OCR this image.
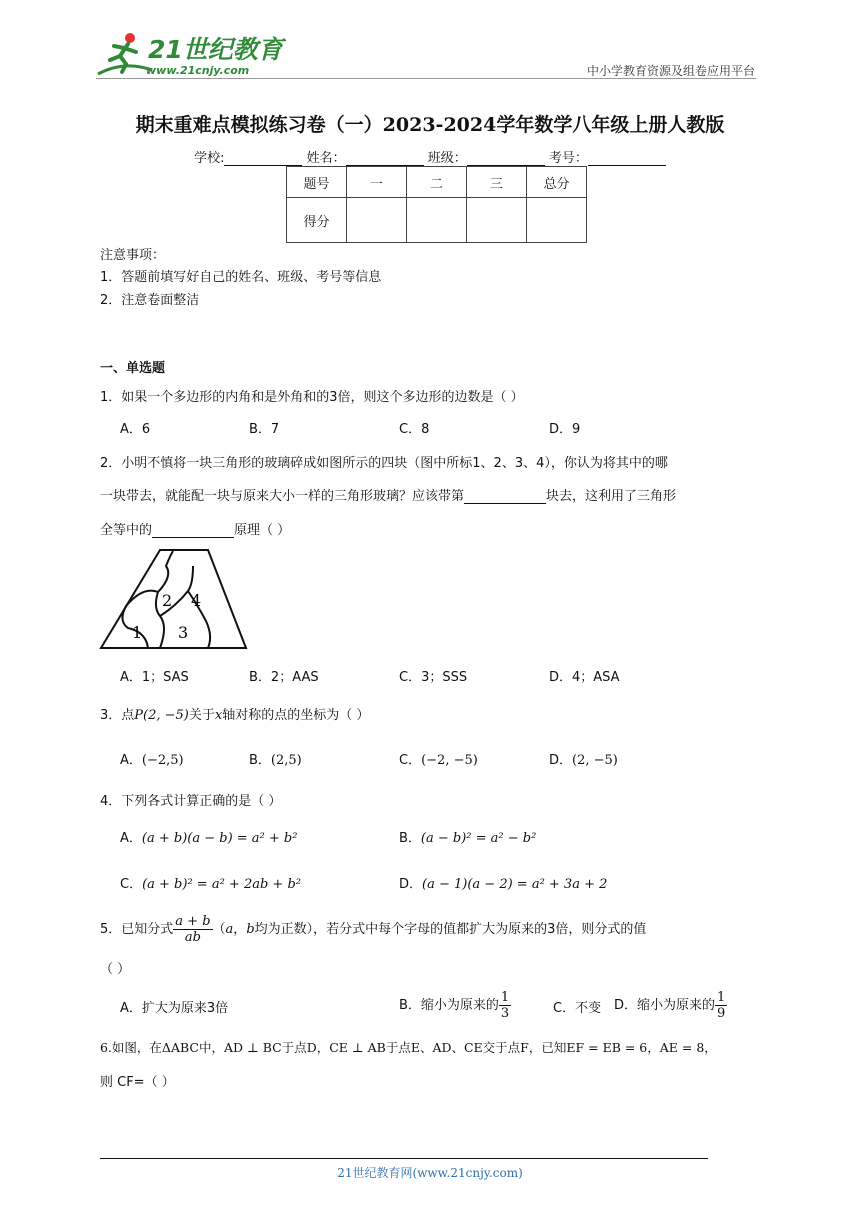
21世纪教育
www.21cnjy.com	中小学教育资源及组卷应用平台
期末重难点模拟练习卷（一）2023-2024学年数学八年级上册人教版
学校:	姓名：	班级：	考号：
题号	一	二	三	总分
得分				
注意事项：
1．答题前填写好自己的姓名、班级、考号等信息
2．注意卷面整洁
一、单选题
1．如果一个多边形的内角和是外角和的3倍，则这个多边形的边数是（ ）
A．6	B．7	C．8	D．9
2．小明不慎将一块三角形的玻璃碎成如图所示的四块（图中所标1、2、3、4），你认为将其中的哪
一块带去，就能配一块与原来大小一样的三角形玻璃？应该带第	块去，这利用了三角形
全等中的	原理（ ）
1
2
3
4
A．1；SAS	B．2；AAS	C．3；SSS	D．4；ASA
3．点P(2, −5)关于x轴对称的点的坐标为（ ）
A．(−2,5)	B．(2,5)	C．(−2, −5)	D．(2, −5)
4．下列各式计算正确的是（ ）
A．(a + b)(a − b) = a² + b²	B．(a − b)² = a² − b²
C．(a + b)² = a² + 2ab + b²	D．(a − 1)(a − 2) = a² + 3a + 2
5．已知分式 $\frac{a + b}{ab} (a$，b均为正数），若分式中每个字母的值都扩大为原来的3倍，则分式的值
（ ）
A．扩大为原来3倍	B．缩小为原来的 $\frac{1}{3}$	C．不变 D．缩小为原来的 $\frac{1}{9}$
6.如图，在ΔABC中，AD ⊥ BC于点D，CE ⊥ AB于点E、AD、CE交于点F，已知EF = EB = 6，AE = 8，
则 CF=（ ）
21世纪教育网(www.21cnjy.com)
